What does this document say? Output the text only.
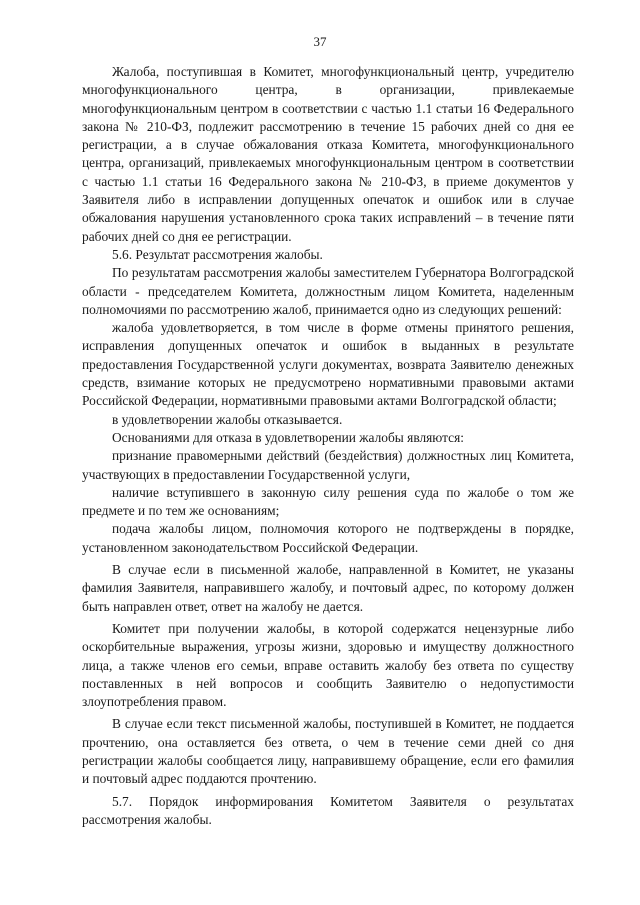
37

Жалоба, поступившая в Комитет, многофункциональный центр, учредителю многофункционального центра, в организации, привлекаемые многофункциональным центром в соответствии с частью 1.1 статьи 16 Федерального закона № 210-ФЗ, подлежит рассмотрению в течение 15 рабочих дней со дня ее регистрации, а в случае обжалования отказа Комитета, многофункционального центра, организаций, привлекаемых многофункциональным центром в соответствии с частью 1.1 статьи 16 Федерального закона № 210-ФЗ, в приеме документов у Заявителя либо в исправлении допущенных опечаток и ошибок или в случае обжалования нарушения установленного срока таких исправлений – в течение пяти рабочих дней со дня ее регистрации.

5.6. Результат рассмотрения жалобы.

По результатам рассмотрения жалобы заместителем Губернатора Волгоградской области - председателем Комитета, должностным лицом Комитета, наделенным полномочиями по рассмотрению жалоб, принимается одно из следующих решений:

жалоба удовлетворяется, в том числе в форме отмены принятого решения, исправления допущенных опечаток и ошибок в выданных в результате предоставления Государственной услуги документах, возврата Заявителю денежных средств, взимание которых не предусмотрено нормативными правовыми актами Российской Федерации, нормативными правовыми актами Волгоградской области;

в удовлетворении жалобы отказывается.

Основаниями для отказа в удовлетворении жалобы являются:

признание правомерными действий (бездействия) должностных лиц Комитета, участвующих в предоставлении Государственной услуги,

наличие вступившего в законную силу решения суда по жалобе о том же предмете и по тем же основаниям;

подача жалобы лицом, полномочия которого не подтверждены в порядке, установленном законодательством Российской Федерации.

В случае если в письменной жалобе, направленной в Комитет, не указаны фамилия Заявителя, направившего жалобу, и почтовый адрес, по которому должен быть направлен ответ, ответ на жалобу не дается.

Комитет при получении жалобы, в которой содержатся нецензурные либо оскорбительные выражения, угрозы жизни, здоровью и имуществу должностного лица, а также членов его семьи, вправе оставить жалобу без ответа по существу поставленных в ней вопросов и сообщить Заявителю о недопустимости злоупотребления правом.

В случае если текст письменной жалобы, поступившей в Комитет, не поддается прочтению, она оставляется без ответа, о чем в течение семи дней со дня регистрации жалобы сообщается лицу, направившему обращение, если его фамилия и почтовый адрес поддаются прочтению.

5.7. Порядок информирования Комитетом Заявителя о результатах рассмотрения жалобы.
